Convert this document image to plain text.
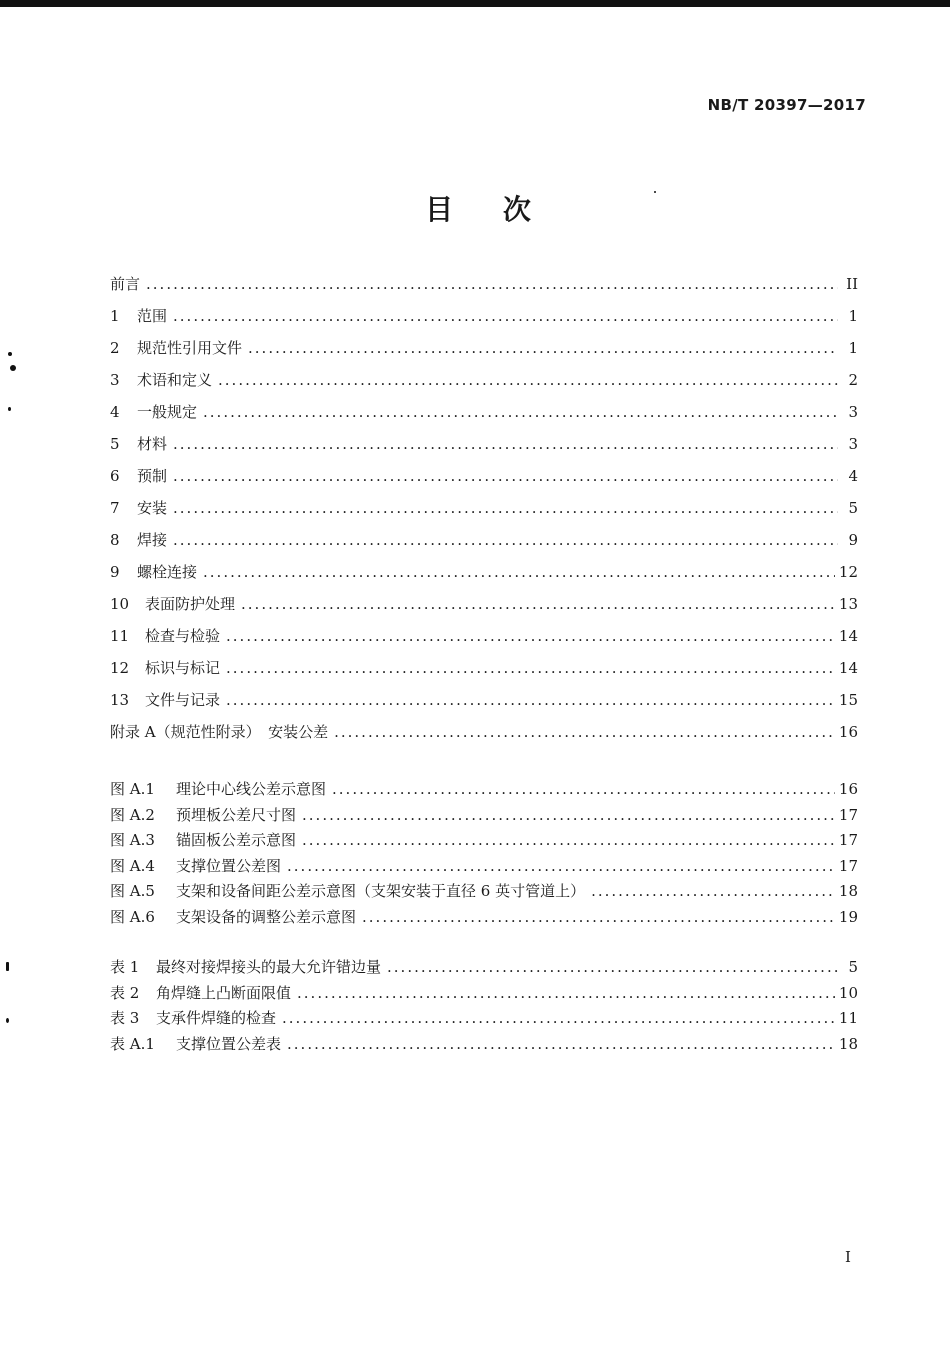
NB/T 20397—2017
目 次
前言 .....	II
1	范围 .....	1
2	规范性引用文件 .....	1
3	术语和定义 .....	2
4	一般规定 .....	3
5	材料 .....	3
6	预制 .....	4
7	安装 .....	5
8	焊接 .....	9
9	螺栓连接 .....	12
10	表面防护处理 .....	13
11	检查与检验 .....	14
12	标识与标记 .....	14
13	文件与记录 .....	15
附录 A（规范性附录）　安装公差 .....	16
图 A.1	理论中心线公差示意图 .....	16
图 A.2	预埋板公差尺寸图 .....	17
图 A.3	锚固板公差示意图 .....	17
图 A.4	支撑位置公差图 .....	17
图 A.5	支架和设备间距公差示意图（支架安装于直径 6 英寸管道上） .....	18
图 A.6	支架设备的调整公差示意图 .....	19
表 1	最终对接焊接头的最大允许错边量 .....	5
表 2	角焊缝上凸断面限值 .....	10
表 3	支承件焊缝的检查 .....	11
表 A.1	支撑位置公差表 .....	18
I
